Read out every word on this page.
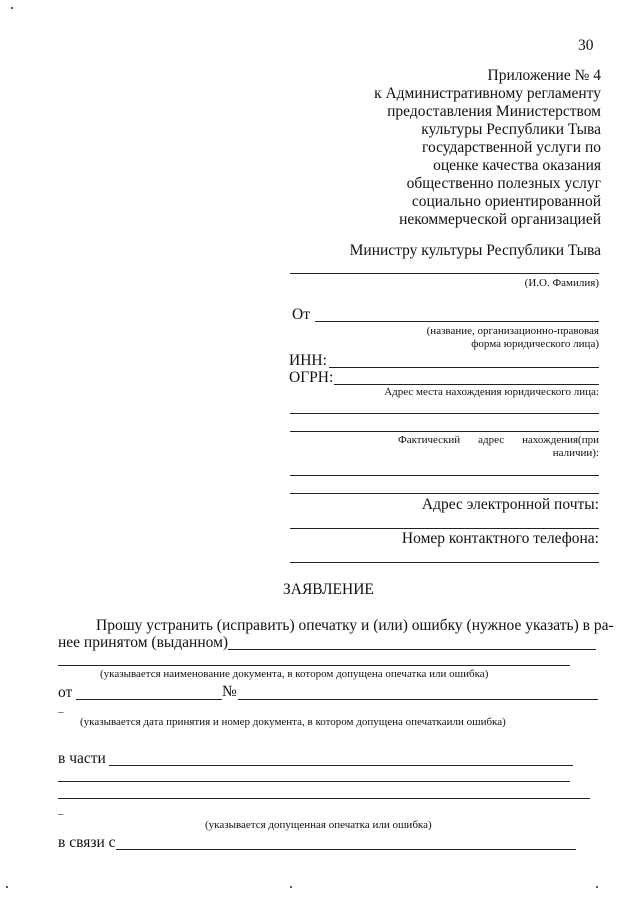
30
Приложение № 4
к Административному регламенту
предоставления Министерством
культуры Республики Тыва
государственной услуги по
оценке качества оказания
общественно полезных услуг
социально ориентированной
некоммерческой организацией
Министру культуры Республики Тыва
(И.О. Фамилия)
От
(название, организационно-правовая
форма юридического лица)
ИНН:
ОГРН:
Адрес места нахождения юридического лица:
Фактический адрес нахождения(при
наличии):
Адрес электронной почты:
Номер контактного телефона:
ЗАЯВЛЕНИЕ
Прошу устранить (исправить) опечатку и (или) ошибку (нужное указать) в ра-
нее принятом (выданном)
(указывается наименование документа, в котором допущена опечатка или ошибка)
от	№
–
(указывается дата принятия и номер документа, в котором допущена опечаткаили ошибка)
в части
–
(указывается допущенная опечатка или ошибка)
в связи с
